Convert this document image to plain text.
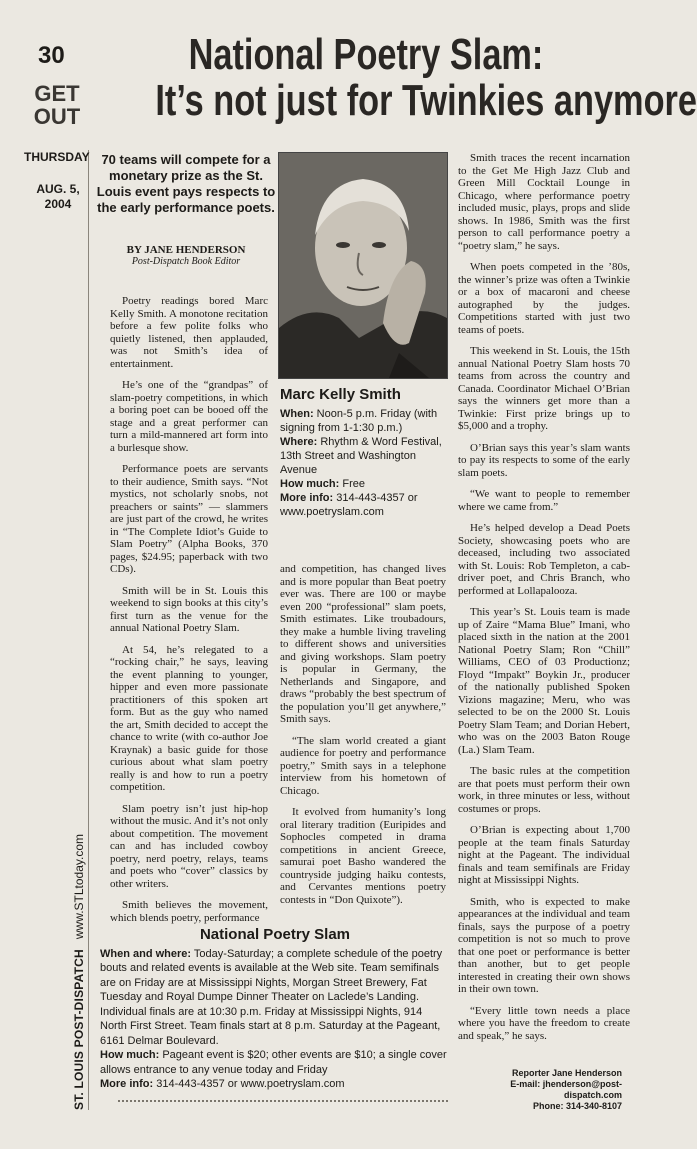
30
GET
OUT
THURSDAY
AUG. 5,
2004
ST. LOUIS POST-DISPATCH   www.STLtoday.com
National Poetry Slam:
It’s not just for Twinkies anymore
70 teams will compete for a monetary prize as the St. Louis event pays respects to the early performance poets.
BY JANE HENDERSON
Post-Dispatch Book Editor

Poetry readings bored Marc Kelly Smith. A monotone recitation before a few polite folks who quietly listened, then applauded, was not Smith’s idea of entertainment.

He’s one of the “grandpas” of slam-poetry competitions, in which a boring poet can be booed off the stage and a great performer can turn a mild-mannered art form into a burlesque show.

Performance poets are servants to their audience, Smith says. “Not mystics, not scholarly snobs, not preachers or saints” — slammers are just part of the crowd, he writes in “The Complete Idiot’s Guide to Slam Poetry” (Alpha Books, 370 pages, $24.95; paperback with two CDs).

Smith will be in St. Louis this weekend to sign books at this city’s first turn as the venue for the annual National Poetry Slam.

At 54, he’s relegated to a “rocking chair,” he says, leaving the event planning to younger, hipper and even more passionate practitioners of this spoken art form. But as the guy who named the art, Smith decided to accept the chance to write (with co-author Joe Kraynak) a basic guide for those curious about what slam poetry really is and how to run a poetry competition.

Slam poetry isn’t just hip-hop without the music. And it’s not only about competition. The movement can and has included cowboy poetry, nerd poetry, relays, teams and poets who “cover” classics by other writers.

Smith believes the movement, which blends poetry, performance

Marc Kelly Smith
When: Noon-5 p.m. Friday (with signing from 1-1:30 p.m.)
Where: Rhythm & Word Festival, 13th Street and Washington Avenue
How much: Free
More info: 314-443-4357 or www.poetryslam.com

and competition, has changed lives and is more popular than Beat poetry ever was. There are 100 or maybe even 200 “professional” slam poets, Smith estimates. Like troubadours, they make a humble living traveling to different shows and universities and giving workshops. Slam poetry is popular in Germany, the Netherlands and Singapore, and draws “probably the best spectrum of the population you’ll get anywhere,” Smith says.

“The slam world created a giant audience for poetry and performance poetry,” Smith says in a telephone interview from his hometown of Chicago.

It evolved from humanity’s long oral literary tradition (Euripides and Sophocles competed in drama competitions in ancient Greece, samurai poet Basho wandered the countryside judging haiku contests, and Cervantes mentions poetry contests in “Don Quixote”).

Smith traces the recent incarnation to the Get Me High Jazz Club and Green Mill Cocktail Lounge in Chicago, where performance poetry included music, plays, props and slide shows. In 1986, Smith was the first person to call performance poetry a “poetry slam,” he says.

When poets competed in the ’80s, the winner’s prize was often a Twinkie or a box of macaroni and cheese autographed by the judges. Competitions started with just two teams of poets.

This weekend in St. Louis, the 15th annual National Poetry Slam hosts 70 teams from across the country and Canada. Coordinator Michael O’Brian says the winners get more than a Twinkie: First prize brings up to $5,000 and a trophy.

O’Brian says this year’s slam wants to pay its respects to some of the early slam poets.

“We want to people to remember where we came from.”

He’s helped develop a Dead Poets Society, showcasing poets who are deceased, including two associated with St. Louis: Rob Templeton, a cab-driver poet, and Chris Branch, who performed at Lollapalooza.

This year’s St. Louis team is made up of Zaire “Mama Blue” Imani, who placed sixth in the nation at the 2001 National Poetry Slam; Ron “Chill” Williams, CEO of 03 Productionz; Floyd “Impakt” Boykin Jr., producer of the nationally published Spoken Vizions magazine; Meru, who was selected to be on the 2000 St. Louis Poetry Slam Team; and Dorian Hebert, who was on the 2003 Baton Rouge (La.) Slam Team.

The basic rules at the competition are that poets must perform their own work, in three minutes or less, without costumes or props.

O’Brian is expecting about 1,700 people at the team finals Saturday night at the Pageant. The individual finals and team semifinals are Friday night at Mississippi Nights.

Smith, who is expected to make appearances at the individual and team finals, says the purpose of a poetry competition is not so much to prove that one poet or performance is better than another, but to get people interested in creating their own shows in their own town.

“Every little town needs a place where you have the freedom to create and speak,” he says.

Reporter Jane Henderson
E-mail: jhenderson@post-dispatch.com
Phone: 314-340-8107
National Poetry Slam
When and where: Today-Saturday; a complete schedule of the poetry bouts and related events is available at the Web site. Team semifinals are on Friday are at Mississippi Nights, Morgan Street Brewery, Fat Tuesday and Royal Dumpe Dinner Theater on Laclede’s Landing. Individual finals are at 10:30 p.m. Friday at Mississippi Nights, 914 North First Street. Team finals start at 8 p.m. Saturday at the Pageant, 6161 Delmar Boulevard.
How much: Pageant event is $20; other events are $10; a single cover allows entrance to any venue today and Friday
More info: 314-443-4357 or www.poetryslam.com
